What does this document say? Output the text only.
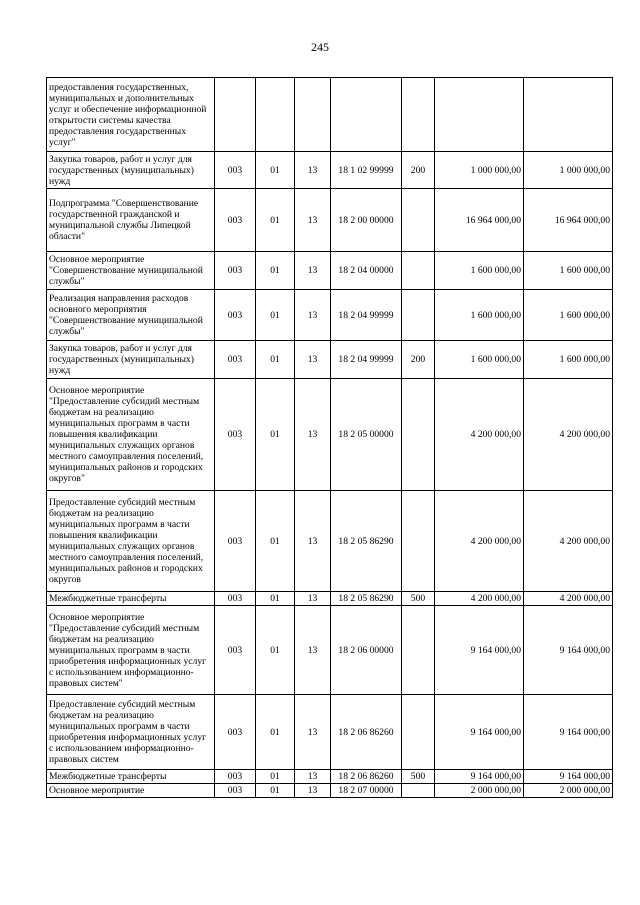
245
предоставления государственных, муниципальных и дополнительных услуг и обеспечение информационной открытости системы качества предоставления государственных услуг"							
Закупка товаров, работ и услуг для государственных (муниципальных) нужд	003	01	13	18 1 02 99999	200	1 000 000,00	1 000 000,00
Подпрограмма "Совершенствование государственной гражданской и муниципальной службы Липецкой области"	003	01	13	18 2 00 00000		16 964 000,00	16 964 000,00
Основное мероприятие "Совершенствование муниципальной службы"	003	01	13	18 2 04 00000		1 600 000,00	1 600 000,00
Реализация направления расходов основного мероприятия "Совершенствование муниципальной службы"	003	01	13	18 2 04 99999		1 600 000,00	1 600 000,00
Закупка товаров, работ и услуг для государственных (муниципальных) нужд	003	01	13	18 2 04 99999	200	1 600 000,00	1 600 000,00
Основное мероприятие "Предоставление субсидий местным бюджетам на реализацию муниципальных программ в части повышения квалификации муниципальных служащих органов местного самоуправления поселений, муниципальных районов и городских округов"	003	01	13	18 2 05 00000		4 200 000,00	4 200 000,00
Предоставление субсидий местным бюджетам на реализацию муниципальных программ в части повышения квалификации муниципальных служащих органов местного самоуправления поселений, муниципальных районов и городских округов	003	01	13	18 2 05 86290		4 200 000,00	4 200 000,00
Межбюджетные трансферты	003	01	13	18 2 05 86290	500	4 200 000,00	4 200 000,00
Основное мероприятие "Предоставление субсидий местным бюджетам на реализацию муниципальных программ в части приобретения информационных услуг с использованием информационно-правовых систем"	003	01	13	18 2 06 00000		9 164 000,00	9 164 000,00
Предоставление субсидий местным бюджетам на реализацию муниципальных программ в части приобретения информационных услуг с использованием информационно-правовых систем	003	01	13	18 2 06 86260		9 164 000,00	9 164 000,00
Межбюджетные трансферты	003	01	13	18 2 06 86260	500	9 164 000,00	9 164 000,00
Основное мероприятие	003	01	13	18 2 07 00000		2 000 000,00	2 000 000,00
